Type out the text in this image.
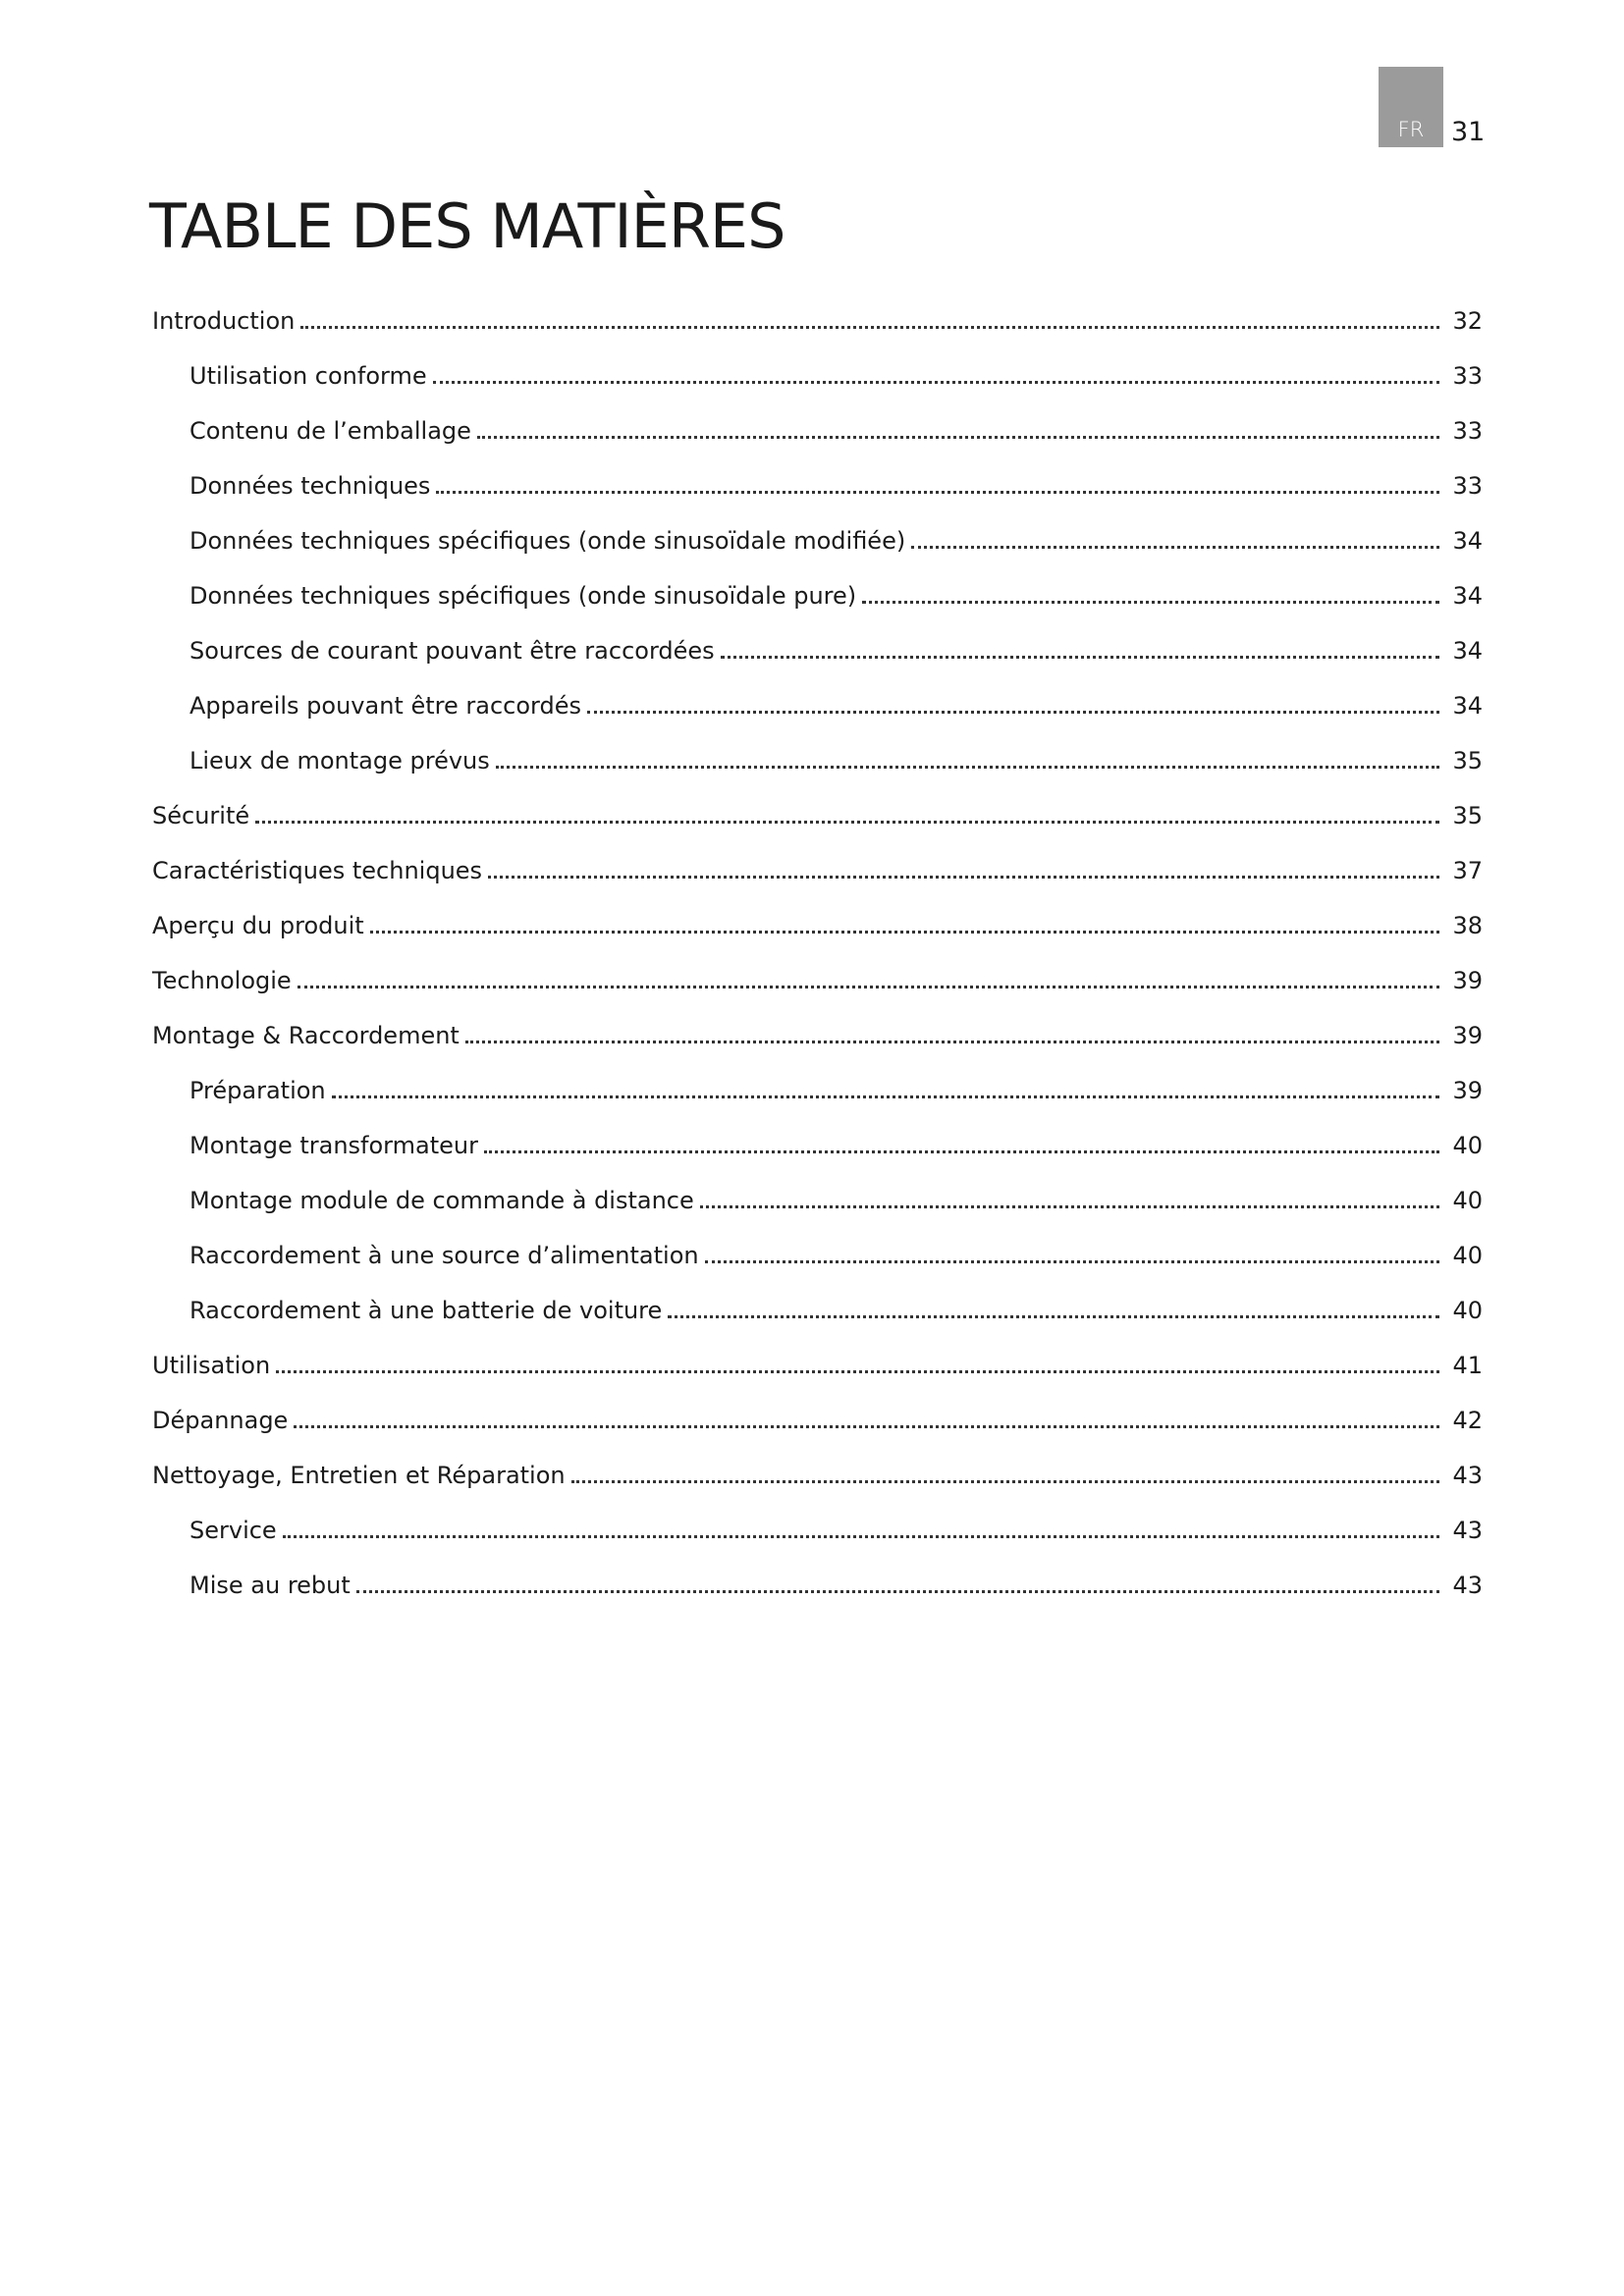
FR	31
TABLE DES MATIÈRES
Introduction	32
Utilisation conforme	33
Contenu de l’emballage	33
Données techniques	33
Données techniques spécifiques (onde sinusoïdale modifiée)	34
Données techniques spécifiques (onde sinusoïdale pure)	34
Sources de courant pouvant être raccordées	34
Appareils pouvant être raccordés	34
Lieux de montage prévus	35
Sécurité	35
Caractéristiques techniques	37
Aperçu du produit	38
Technologie	39
Montage & Raccordement	39
Préparation	39
Montage transformateur	40
Montage module de commande à distance	40
Raccordement à une source d’alimentation	40
Raccordement à une batterie de voiture	40
Utilisation	41
Dépannage	42
Nettoyage, Entretien et Réparation	43
Service	43
Mise au rebut	43
